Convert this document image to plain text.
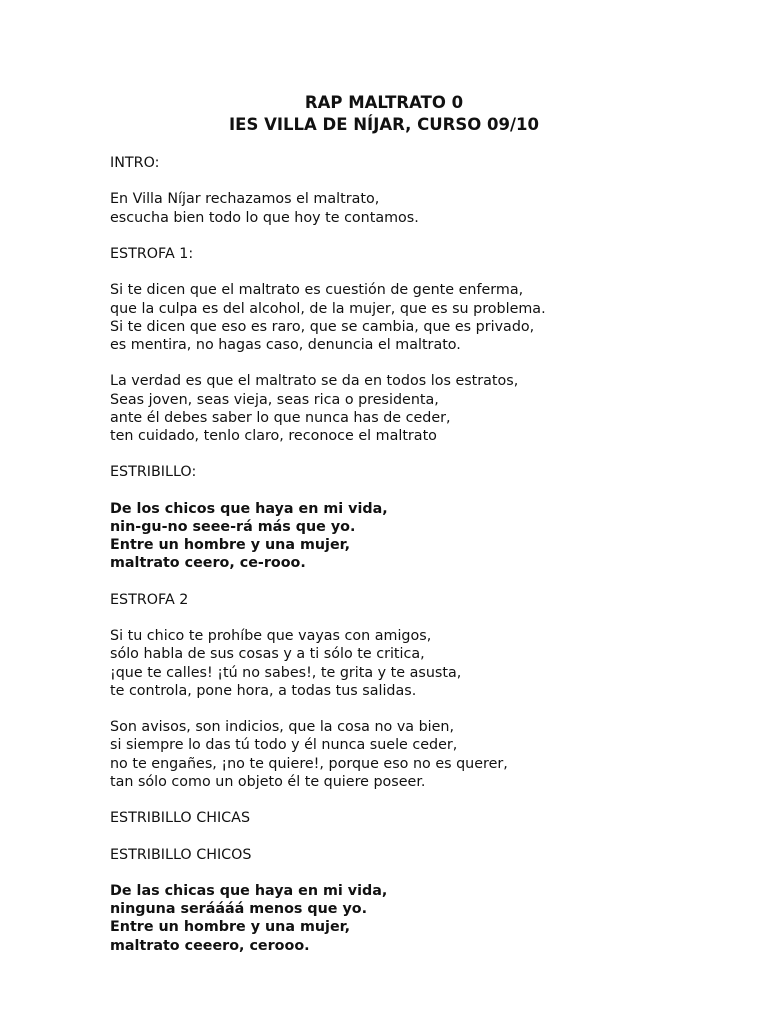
RAP MALTRATO 0
IES VILLA DE NÍJAR, CURSO 09/10
INTRO:
En Villa Níjar rechazamos el maltrato,
escucha bien todo lo que hoy te contamos.
ESTROFA 1:
Si te dicen que el maltrato es cuestión de gente enferma,
que la culpa es del alcohol, de la mujer, que es su problema.
Si te dicen que eso es raro, que se cambia, que es privado,
es mentira, no hagas caso, denuncia el maltrato.
La verdad es que el maltrato se da en todos los estratos,
Seas joven, seas vieja, seas rica o presidenta,
ante él debes saber lo que nunca has de ceder,
ten cuidado, tenlo claro, reconoce el maltrato
ESTRIBILLO:
De los chicos que haya en mi vida,
nin-gu-no seee-rá más que yo.
Entre un hombre y una mujer,
maltrato ceero, ce-rooo.
ESTROFA 2
Si tu chico te prohíbe que vayas con amigos,
sólo habla de sus cosas y a ti sólo te critica,
¡que te calles! ¡tú no sabes!, te grita y te asusta,
te controla, pone hora, a todas tus salidas.
Son avisos, son indicios, que la cosa no va bien,
si siempre lo das tú todo y él nunca suele ceder,
no te engañes, ¡no te quiere!, porque eso no es querer,
tan sólo como un objeto él te quiere poseer.
ESTRIBILLO CHICAS
ESTRIBILLO CHICOS
De las chicas que haya en mi vida,
ninguna seráááá menos que yo.
Entre un hombre y una mujer,
maltrato ceeero, cerooo.
